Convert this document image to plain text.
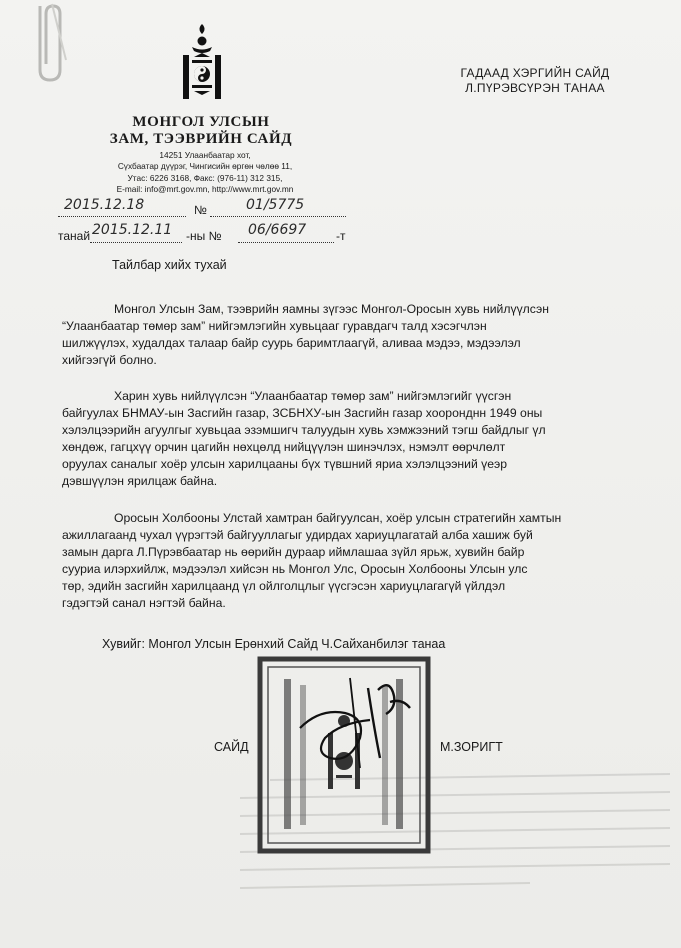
МОНГОЛ УЛСЫН
ЗАМ, ТЭЭВРИЙН САЙД
14251 Улаанбаатар хот,
Сүхбаатар дүүрэг, Чингисийн өргөн чөлөө 11,
Утас: 6226 3168, Факс: (976-11) 312 315,
E-mail: info@mrt.gov.mn, http://www.mrt.gov.mn
ГАДААД ХЭРГИЙН САЙД
Л.ПҮРЭВСҮРЭН ТАНАА
2015.12.18	№	01/5775
танай 2015.12.11 -ны № 06/6697 -т
Тайлбар хийх тухай
Монгол Улсын Зам, тээврийн яамны зүгээс Монгол-Оросын хувь нийлүүлсэн
“Улаанбаатар төмөр зам” нийгэмлэгийн хувьцааг гуравдагч талд хэсэгчлэн
шилжүүлэх, худалдах талаар байр суурь баримтлаагүй, аливаа мэдээ, мэдээлэл
хийгээгүй болно.
Харин хувь нийлүүлсэн “Улаанбаатар төмөр зам” нийгэмлэгийг үүсгэн
байгуулах БНМАУ-ын Засгийн газар, ЗСБНХУ-ын Засгийн газар хооронднн 1949 оны
хэлэлцээрийн агуулгыг хувьцаа эзэмшигч талуудын хувь хэмжээний тэгш байдлыг үл
хөндөж, гагцхүү орчин цагийн нөхцөлд нийцүүлэн шинэчлэх, нэмэлт өөрчлөлт
оруулах саналыг хоёр улсын харилцааны бүх түвшний яриа хэлэлцээний үеэр
дэвшүүлэн ярилцаж байна.
Оросын Холбооны Улстай хамтран байгуулсан, хоёр улсын стратегийн хамтын
ажиллагаанд чухал үүрэгтэй байгууллагыг удирдах хариуцлагатай алба хашиж буй
замын дарга Л.Пүрэвбаатар нь өөрийн дураар иймлашаа зүйл ярьж, хувийн байр
сууриа илэрхийлж, мэдээлэл хийсэн нь Монгол Улс, Оросын Холбооны Улсын улс
төр, эдийн засгийн харилцаанд үл ойлголцлыг үүсгэсэн хариуцлагагүй үйлдэл
гэдэгтэй санал нэгтэй байна.
Хувийг: Монгол Улсын Ерөнхий Сайд Ч.Сайханбилэг танаа
САЙД	М.ЗОРИГТ
